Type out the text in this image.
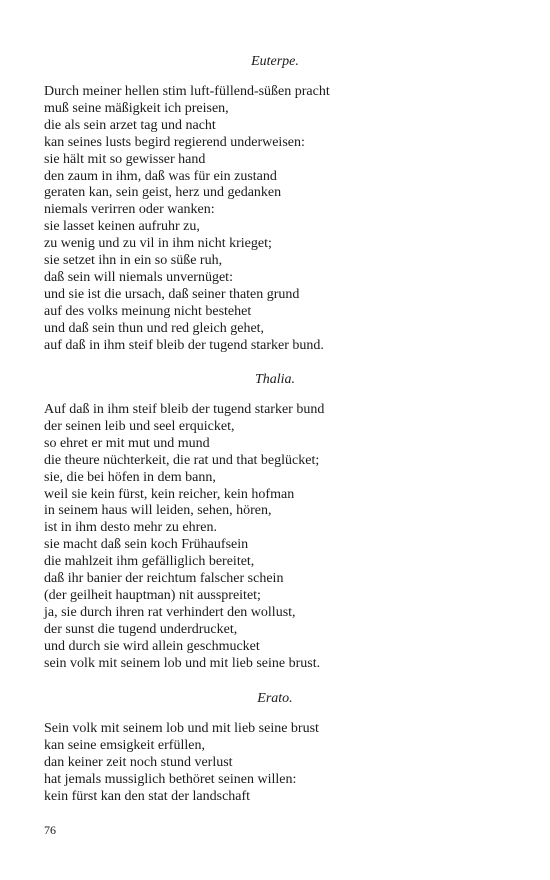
Euterpe.
Durch meiner hellen stim luft-füllend-süßen pracht
muß seine mäßigkeit ich preisen,
die als sein arzet tag und nacht
kan seines lusts begird regierend underweisen:
sie hält mit so gewisser hand
den zaum in ihm, daß was für ein zustand
geraten kan, sein geist, herz und gedanken
niemals verirren oder wanken:
sie lasset keinen aufruhr zu,
zu wenig und zu vil in ihm nicht krieget;
sie setzet ihn in ein so süße ruh,
daß sein will niemals unvernüget:
und sie ist die ursach, daß seiner thaten grund
auf des volks meinung nicht bestehet
und daß sein thun und red gleich gehet,
auf daß in ihm steif bleib der tugend starker bund.
Thalia.
Auf daß in ihm steif bleib der tugend starker bund
der seinen leib und seel erquicket,
so ehret er mit mut und mund
die theure nüchterkeit, die rat und that beglücket;
sie, die bei höfen in dem bann,
weil sie kein fürst, kein reicher, kein hofman
in seinem haus will leiden, sehen, hören,
ist in ihm desto mehr zu ehren.
sie macht daß sein koch Frühaufsein
die mahlzeit ihm gefälliglich bereitet,
daß ihr banier der reichtum falscher schein
(der geilheit hauptman) nit ausspreitet;
ja, sie durch ihren rat verhindert den wollust,
der sunst die tugend underdrucket,
und durch sie wird allein geschmucket
sein volk mit seinem lob und mit lieb seine brust.
Erato.
Sein volk mit seinem lob und mit lieb seine brust
kan seine emsigkeit erfüllen,
dan keiner zeit noch stund verlust
hat jemals mussiglich bethöret seinen willen:
kein fürst kan den stat der landschaft
76
